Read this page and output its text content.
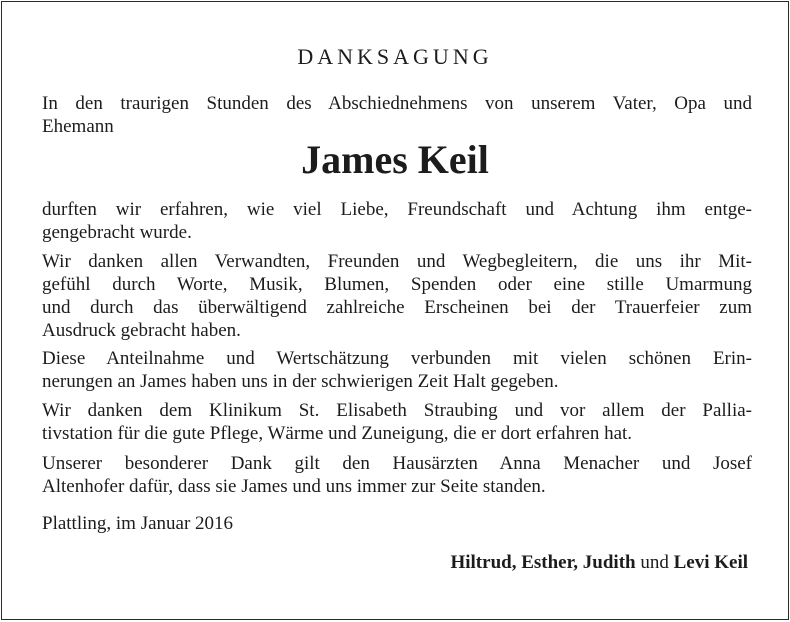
DANKSAGUNG

In den traurigen Stunden des Abschiednehmens von unserem Vater, Opa und
Ehemann

James Keil

durften wir erfahren, wie viel Liebe, Freundschaft und Achtung ihm entge-
gengebracht wurde.

Wir danken allen Verwandten, Freunden und Wegbegleitern, die uns ihr Mit-
gefühl durch Worte, Musik, Blumen, Spenden oder eine stille Umarmung
und durch das überwältigend zahlreiche Erscheinen bei der Trauerfeier zum
Ausdruck gebracht haben.

Diese Anteilnahme und Wertschätzung verbunden mit vielen schönen Erin-
nerungen an James haben uns in der schwierigen Zeit Halt gegeben.

Wir danken dem Klinikum St. Elisabeth Straubing und vor allem der Pallia-
tivstation für die gute Pflege, Wärme und Zuneigung, die er dort erfahren hat.

Unserer besonderer Dank gilt den Hausärzten Anna Menacher und Josef
Altenhofer dafür, dass sie James und uns immer zur Seite standen.

Plattling, im Januar 2016

Hiltrud, Esther, Judith und Levi Keil
